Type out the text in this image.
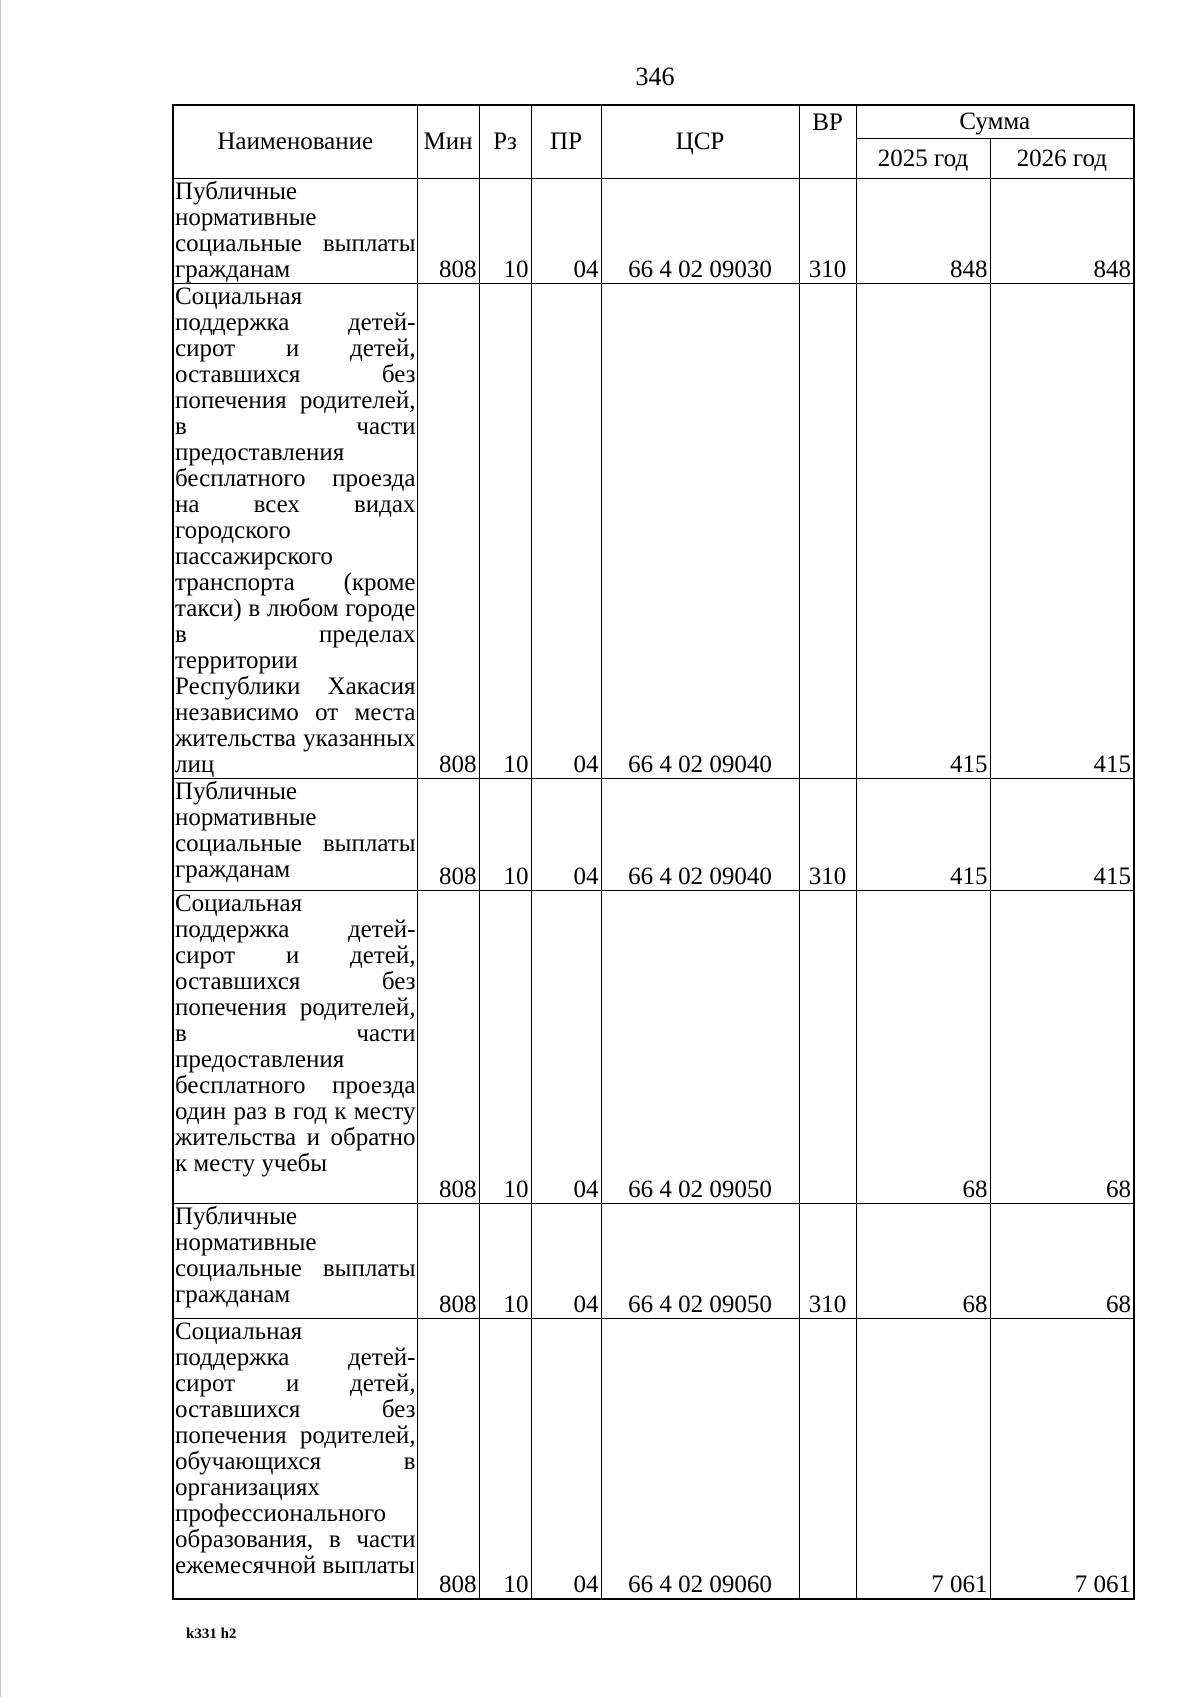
346
Наименование	Мин	Рз	ПР	ЦСР	ВР	Сумма	
						2025 год	2026 год

Публичные нормативные социальные выплаты гражданам	808	10	04	66 4 02 09030	310	848	848

Социальная поддержка детей-сирот и детей, оставшихся без попечения родителей, в части предоставления бесплатного проезда на всех видах городского пассажирского транспорта (кроме такси) в любом городе в пределах территории Республики Хакасия независимо от места жительства указанных лиц	808	10	04	66 4 02 09040		415	415

Публичные нормативные социальные выплаты гражданам	808	10	04	66 4 02 09040	310	415	415

Социальная поддержка детей-сирот и детей, оставшихся без попечения родителей, в части предоставления бесплатного проезда один раз в год к месту жительства и обратно к месту учебы	808	10	04	66 4 02 09050		68	68

Публичные нормативные социальные выплаты гражданам	808	10	04	66 4 02 09050	310	68	68

Социальная поддержка детей-сирот и детей, оставшихся без попечения родителей, обучающихся в организациях профессионального образования, в части ежемесячной выплаты	808	10	04	66 4 02 09060		7 061	7 061
k331 h2
